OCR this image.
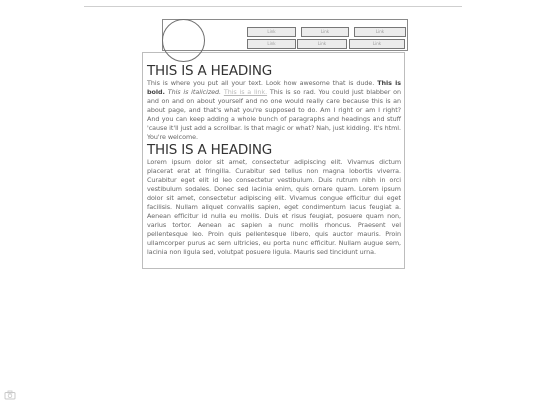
Link	Link	Link
Link	Link	Link
THIS IS A HEADING

This is where you put all your text. Look how awesome that is dude. This is bold. This is italicized. This is a link. This is so rad. You could just blabber on and on and on about yourself and no one would really care because this is an about page, and that's what you're supposed to do. Am I right or am I right? And you can keep adding a whole bunch of paragraphs and headings and stuff 'cause it'll just add a scrollbar. Is that magic or what? Nah, just kidding. It's html. You're welcome.

THIS IS A HEADING

Lorem ipsum dolor sit amet, consectetur adipiscing elit. Vivamus dictum placerat erat at fringilla. Curabitur sed tellus non magna lobortis viverra. Curabitur eget elit id leo consectetur vestibulum. Duis rutrum nibh in orci vestibulum sodales. Donec sed lacinia enim, quis ornare quam. Lorem ipsum dolor sit amet, consectetur adipiscing elit. Vivamus congue efficitur dui eget facilisis. Nullam aliquet convallis sapien, eget condimentum lacus feugiat a. Aenean efficitur id nulla eu mollis. Duis et risus feugiat, posuere quam non, varius tortor. Aenean ac sapien a nunc mollis rhoncus. Praesent vel pellentesque leo. Proin quis pellentesque libero, quis auctor mauris. Proin ullamcorper purus ac sem ultricies, eu porta nunc efficitur. Nullam augue sem, lacinia non ligula sed, volutpat posuere ligula. Mauris sed tincidunt urna.
